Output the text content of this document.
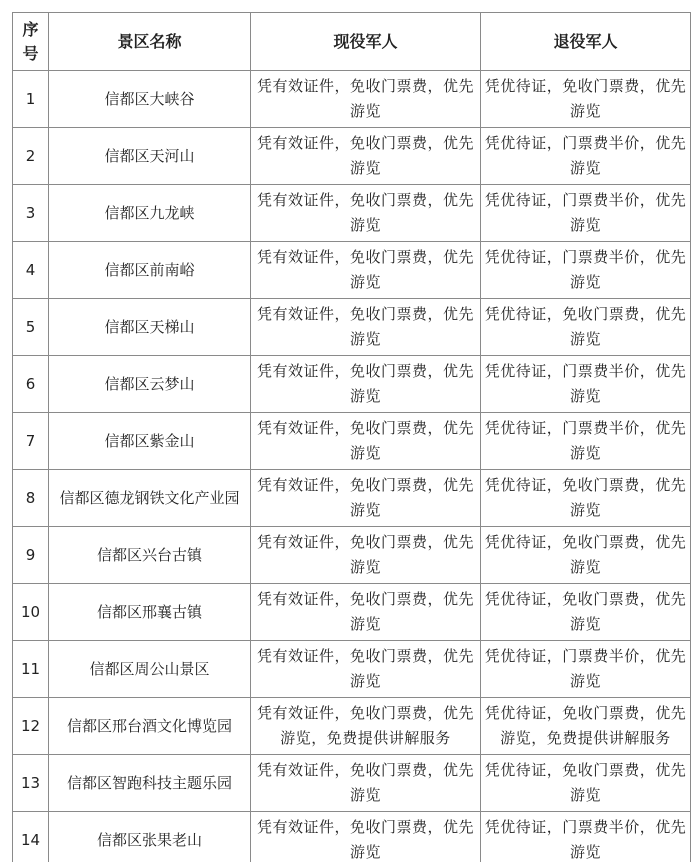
序号	景区名称	现役军人	退役军人
1	信都区大峡谷	凭有效证件，免收门票费，优先游览	凭优待证，免收门票费，优先游览
2	信都区天河山	凭有效证件，免收门票费，优先游览	凭优待证，门票费半价，优先游览
3	信都区九龙峡	凭有效证件，免收门票费，优先游览	凭优待证，门票费半价，优先游览
4	信都区前南峪	凭有效证件，免收门票费，优先游览	凭优待证，门票费半价，优先游览
5	信都区天梯山	凭有效证件，免收门票费，优先游览	凭优待证，免收门票费，优先游览
6	信都区云梦山	凭有效证件，免收门票费，优先游览	凭优待证，门票费半价，优先游览
7	信都区紫金山	凭有效证件，免收门票费，优先游览	凭优待证，门票费半价，优先游览
8	信都区德龙钢铁文化产业园	凭有效证件，免收门票费，优先游览	凭优待证，免收门票费，优先游览
9	信都区兴台古镇	凭有效证件，免收门票费，优先游览	凭优待证，免收门票费，优先游览
10	信都区邢襄古镇	凭有效证件，免收门票费，优先游览	凭优待证，免收门票费，优先游览
11	信都区周公山景区	凭有效证件，免收门票费，优先游览	凭优待证，门票费半价，优先游览
12	信都区邢台酒文化博览园	凭有效证件，免收门票费，优先游览，免费提供讲解服务	凭优待证，免收门票费，优先游览，免费提供讲解服务
13	信都区智跑科技主题乐园	凭有效证件，免收门票费，优先游览	凭优待证，免收门票费，优先游览
14	信都区张果老山	凭有效证件，免收门票费，优先游览	凭优待证，门票费半价，优先游览
